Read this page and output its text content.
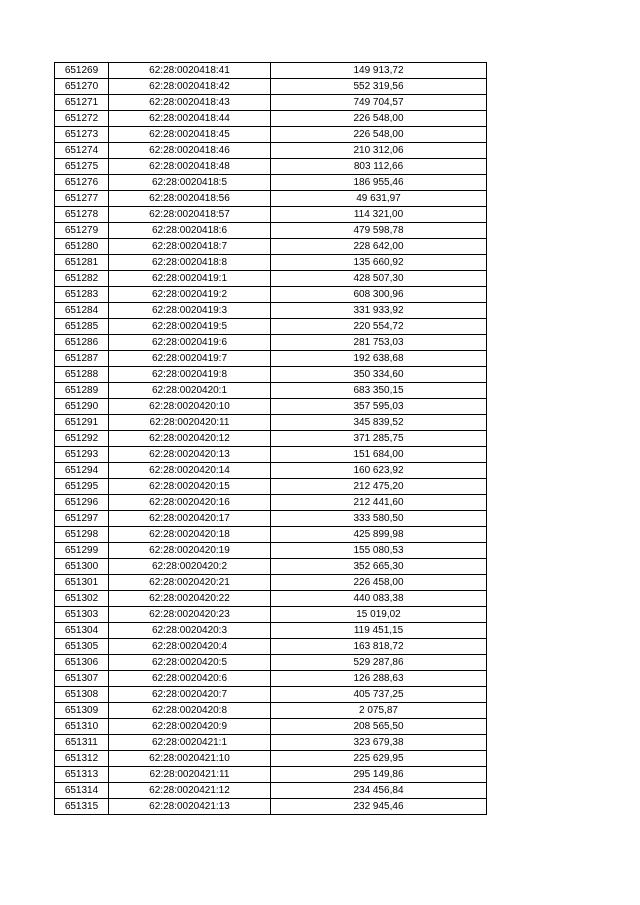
651269	62:28:0020418:41	149 913,72
651270	62:28:0020418:42	552 319,56
651271	62:28:0020418:43	749 704,57
651272	62:28:0020418:44	226 548,00
651273	62:28:0020418:45	226 548,00
651274	62:28:0020418:46	210 312,06
651275	62:28:0020418:48	803 112,66
651276	62:28:0020418:5	186 955,46
651277	62:28:0020418:56	49 631,97
651278	62:28:0020418:57	114 321,00
651279	62:28:0020418:6	479 598,78
651280	62:28:0020418:7	228 642,00
651281	62:28:0020418:8	135 660,92
651282	62:28:0020419:1	428 507,30
651283	62:28:0020419:2	608 300,96
651284	62:28:0020419:3	331 933,92
651285	62:28:0020419:5	220 554,72
651286	62:28:0020419:6	281 753,03
651287	62:28:0020419:7	192 638,68
651288	62:28:0020419:8	350 334,60
651289	62:28:0020420:1	683 350,15
651290	62:28:0020420:10	357 595,03
651291	62:28:0020420:11	345 839,52
651292	62:28:0020420:12	371 285,75
651293	62:28:0020420:13	151 684,00
651294	62:28:0020420:14	160 623,92
651295	62:28:0020420:15	212 475,20
651296	62:28:0020420:16	212 441,60
651297	62:28:0020420:17	333 580,50
651298	62:28:0020420:18	425 899,98
651299	62:28:0020420:19	155 080,53
651300	62:28:0020420:2	352 665,30
651301	62:28:0020420:21	226 458,00
651302	62:28:0020420:22	440 083,38
651303	62:28:0020420:23	15 019,02
651304	62:28:0020420:3	119 451,15
651305	62:28:0020420:4	163 818,72
651306	62:28:0020420:5	529 287,86
651307	62:28:0020420:6	126 288,63
651308	62:28:0020420:7	405 737,25
651309	62:28:0020420:8	2 075,87
651310	62:28:0020420:9	208 565,50
651311	62:28:0020421:1	323 679,38
651312	62:28:0020421:10	225 629,95
651313	62:28:0020421:11	295 149,86
651314	62:28:0020421:12	234 456,84
651315	62:28:0020421:13	232 945,46
